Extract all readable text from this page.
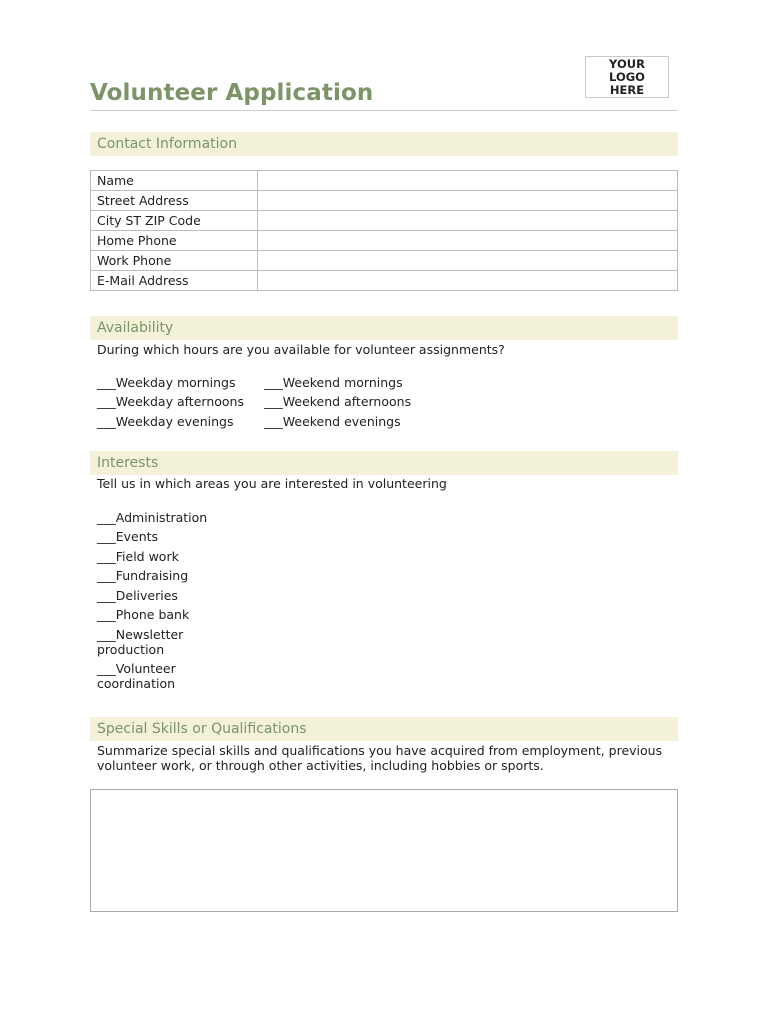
YOUR LOGO HERE
Volunteer Application
Contact Information
Name	
Street Address	
City ST ZIP Code	
Home Phone	
Work Phone	
E-Mail Address	
Availability

During which hours are you available for volunteer assignments?

___Weekday mornings
___Weekday afternoons
___Weekday evenings
___Weekend mornings
___Weekend afternoons
___Weekend evenings
Interests

Tell us in which areas you are interested in volunteering

___Administration
___Events
___Field work
___Fundraising
___Deliveries
___Phone bank
___Newsletter production
___Volunteer coordination
Special Skills or Qualifications

Summarize special skills and qualifications you have acquired from employment, previous volunteer work, or through other activities, including hobbies or sports.
